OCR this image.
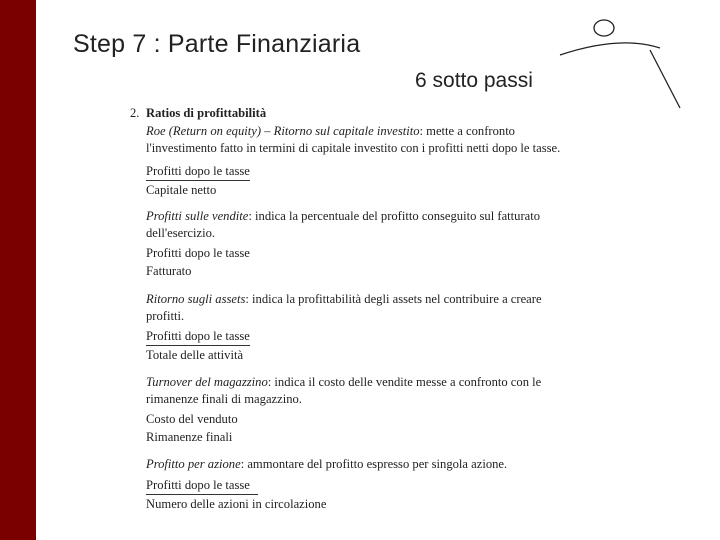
Step 7 : Parte Finanziaria
6 sotto passi
2. Ratios di profittabilità
Roe (Return on equity) – Ritorno sul capitale investito: mette a confronto l'investimento fatto in termini di capitale investito con i profitti netti dopo le tasse.
Profitti dopo le tasse
Capitale netto
Profitti sulle vendite: indica la percentuale del profitto conseguito sul fatturato dell'esercizio.
Profitti dopo le tasse
Fatturato
Ritorno sugli assets: indica la profittabilità degli assets nel contribuire a creare profitti.
Profitti dopo le tasse
Totale delle attività
Turnover del magazzino: indica il costo delle vendite messe a confronto con le rimanenze finali di magazzino.
Costo del venduto
Rimanenze finali
Profitto per azione: ammontare del profitto espresso per singola azione.
Profitti dopo le tasse
Numero delle azioni in circolazione
